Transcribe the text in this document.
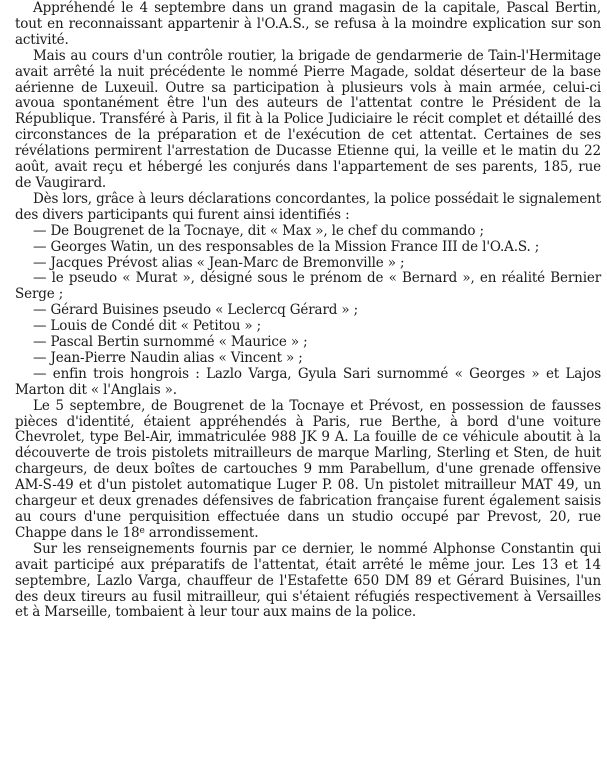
Appréhendé le 4 septembre dans un grand magasin de la capitale, Pascal Bertin, tout en reconnaissant appartenir à l'O.A.S., se refusa à la moindre explication sur son activité.

Mais au cours d'un contrôle routier, la brigade de gendarmerie de Tain-l'Hermitage avait arrêté la nuit précédente le nommé Pierre Magade, soldat déserteur de la base aérienne de Luxeuil. Outre sa participation à plusieurs vols à main armée, celui-ci avoua spontanément être l'un des auteurs de l'attentat contre le Président de la République. Transféré à Paris, il fit à la Police Judiciaire le récit complet et détaillé des circonstances de la préparation et de l'exécution de cet attentat. Certaines de ses révélations permirent l'arrestation de Ducasse Etienne qui, la veille et le matin du 22 août, avait reçu et hébergé les conjurés dans l'appartement de ses parents, 185, rue de Vaugirard.

Dès lors, grâce à leurs déclarations concordantes, la police possédait le signalement des divers participants qui furent ainsi identifiés :

— De Bougrenet de la Tocnaye, dit « Max », le chef du commando ;

— Georges Watin, un des responsables de la Mission France III de l'O.A.S. ;

— Jacques Prévost alias « Jean-Marc de Bremonville » ;

— le pseudo « Murat », désigné sous le prénom de « Bernard », en réalité Bernier Serge ;

— Gérard Buisines pseudo « Leclercq Gérard » ;

— Louis de Condé dit « Petitou » ;

— Pascal Bertin surnommé « Maurice » ;

— Jean-Pierre Naudin alias « Vincent » ;

— enfin trois hongrois : Lazlo Varga, Gyula Sari surnommé « Georges » et Lajos Marton dit « l'Anglais ».

Le 5 septembre, de Bougrenet de la Tocnaye et Prévost, en possession de fausses pièces d'identité, étaient appréhendés à Paris, rue Berthe, à bord d'une voiture Chevrolet, type Bel-Air, immatriculée 988 JK 9 A. La fouille de ce véhicule aboutit à la découverte de trois pistolets mitrailleurs de marque Marling, Sterling et Sten, de huit chargeurs, de deux boîtes de cartouches 9 mm Parabellum, d'une grenade offensive AM-S-49 et d'un pistolet automatique Luger P. 08. Un pistolet mitrailleur MAT 49, un chargeur et deux grenades défensives de fabrication française furent également saisis au cours d'une perquisition effectuée dans un studio occupé par Prevost, 20, rue Chappe dans le 18e arrondissement.

Sur les renseignements fournis par ce dernier, le nommé Alphonse Constantin qui avait participé aux préparatifs de l'attentat, était arrêté le même jour. Les 13 et 14 septembre, Lazlo Varga, chauffeur de l'Estafette 650 DM 89 et Gérard Buisines, l'un des deux tireurs au fusil mitrailleur, qui s'étaient réfugiés respectivement à Versailles et à Marseille, tombaient à leur tour aux mains de la police.
